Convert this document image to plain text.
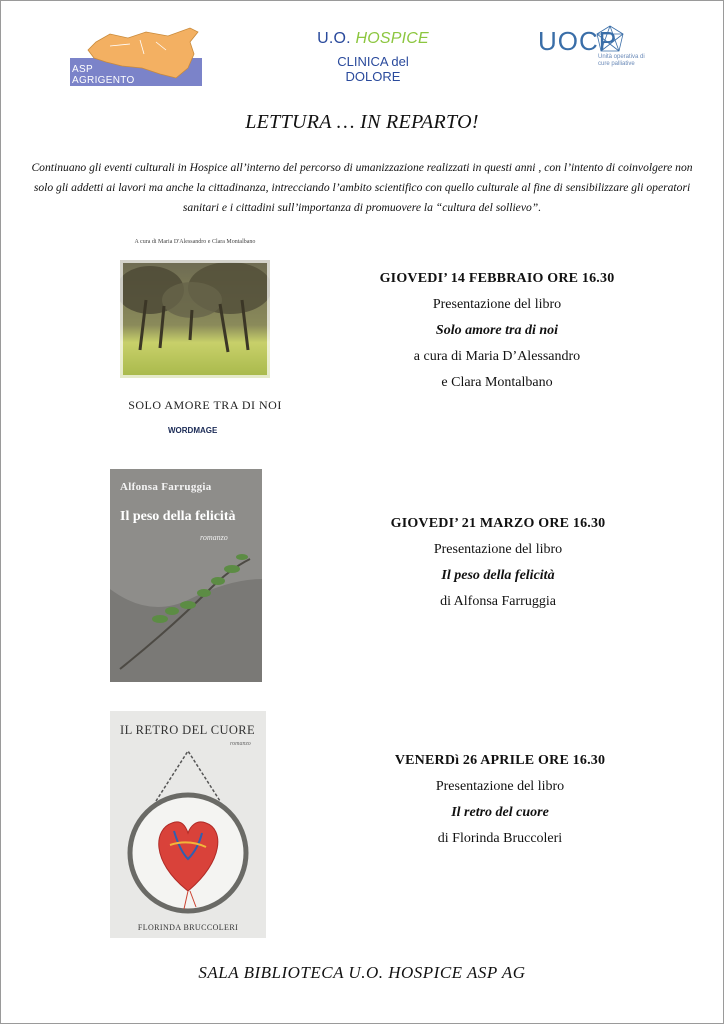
ASP
AGRIGENTO
U.O. HOSPICE
CLINICA del DOLORE
UOCP
Unità operativa di cure palliative
LETTURA … IN REPARTO!
Continuano gli eventi culturali in Hospice all’interno del percorso di umanizzazione realizzati in questi anni , con l’intento di coinvolgere non solo gli addetti ai lavori ma anche la cittadinanza, intrecciando l’ambito scientifico con quello culturale al fine di sensibilizzare gli operatori sanitari e i cittadini sull’importanza di promuovere la “cultura del sollievo”.
A cura di Maria D'Alessandro e Clara Montalbano
SOLO AMORE TRA DI NOI
WORDMAGE
Alfonsa Farruggia
Il peso della felicità
romanzo
IL RETRO DEL CUORE
romanzo
FLORINDA BRUCCOLERI
GIOVEDI’ 14 FEBBRAIO ORE 16.30
Presentazione del libro
Solo amore tra di noi
a cura di Maria D’Alessandro
e Clara Montalbano
GIOVEDI’ 21 MARZO ORE 16.30
Presentazione del libro
Il peso della felicità
di Alfonsa Farruggia
VENERDì 26 APRILE ORE 16.30
Presentazione del libro
Il retro del cuore
di Florinda Bruccoleri
SALA BIBLIOTECA U.O. HOSPICE ASP AG
